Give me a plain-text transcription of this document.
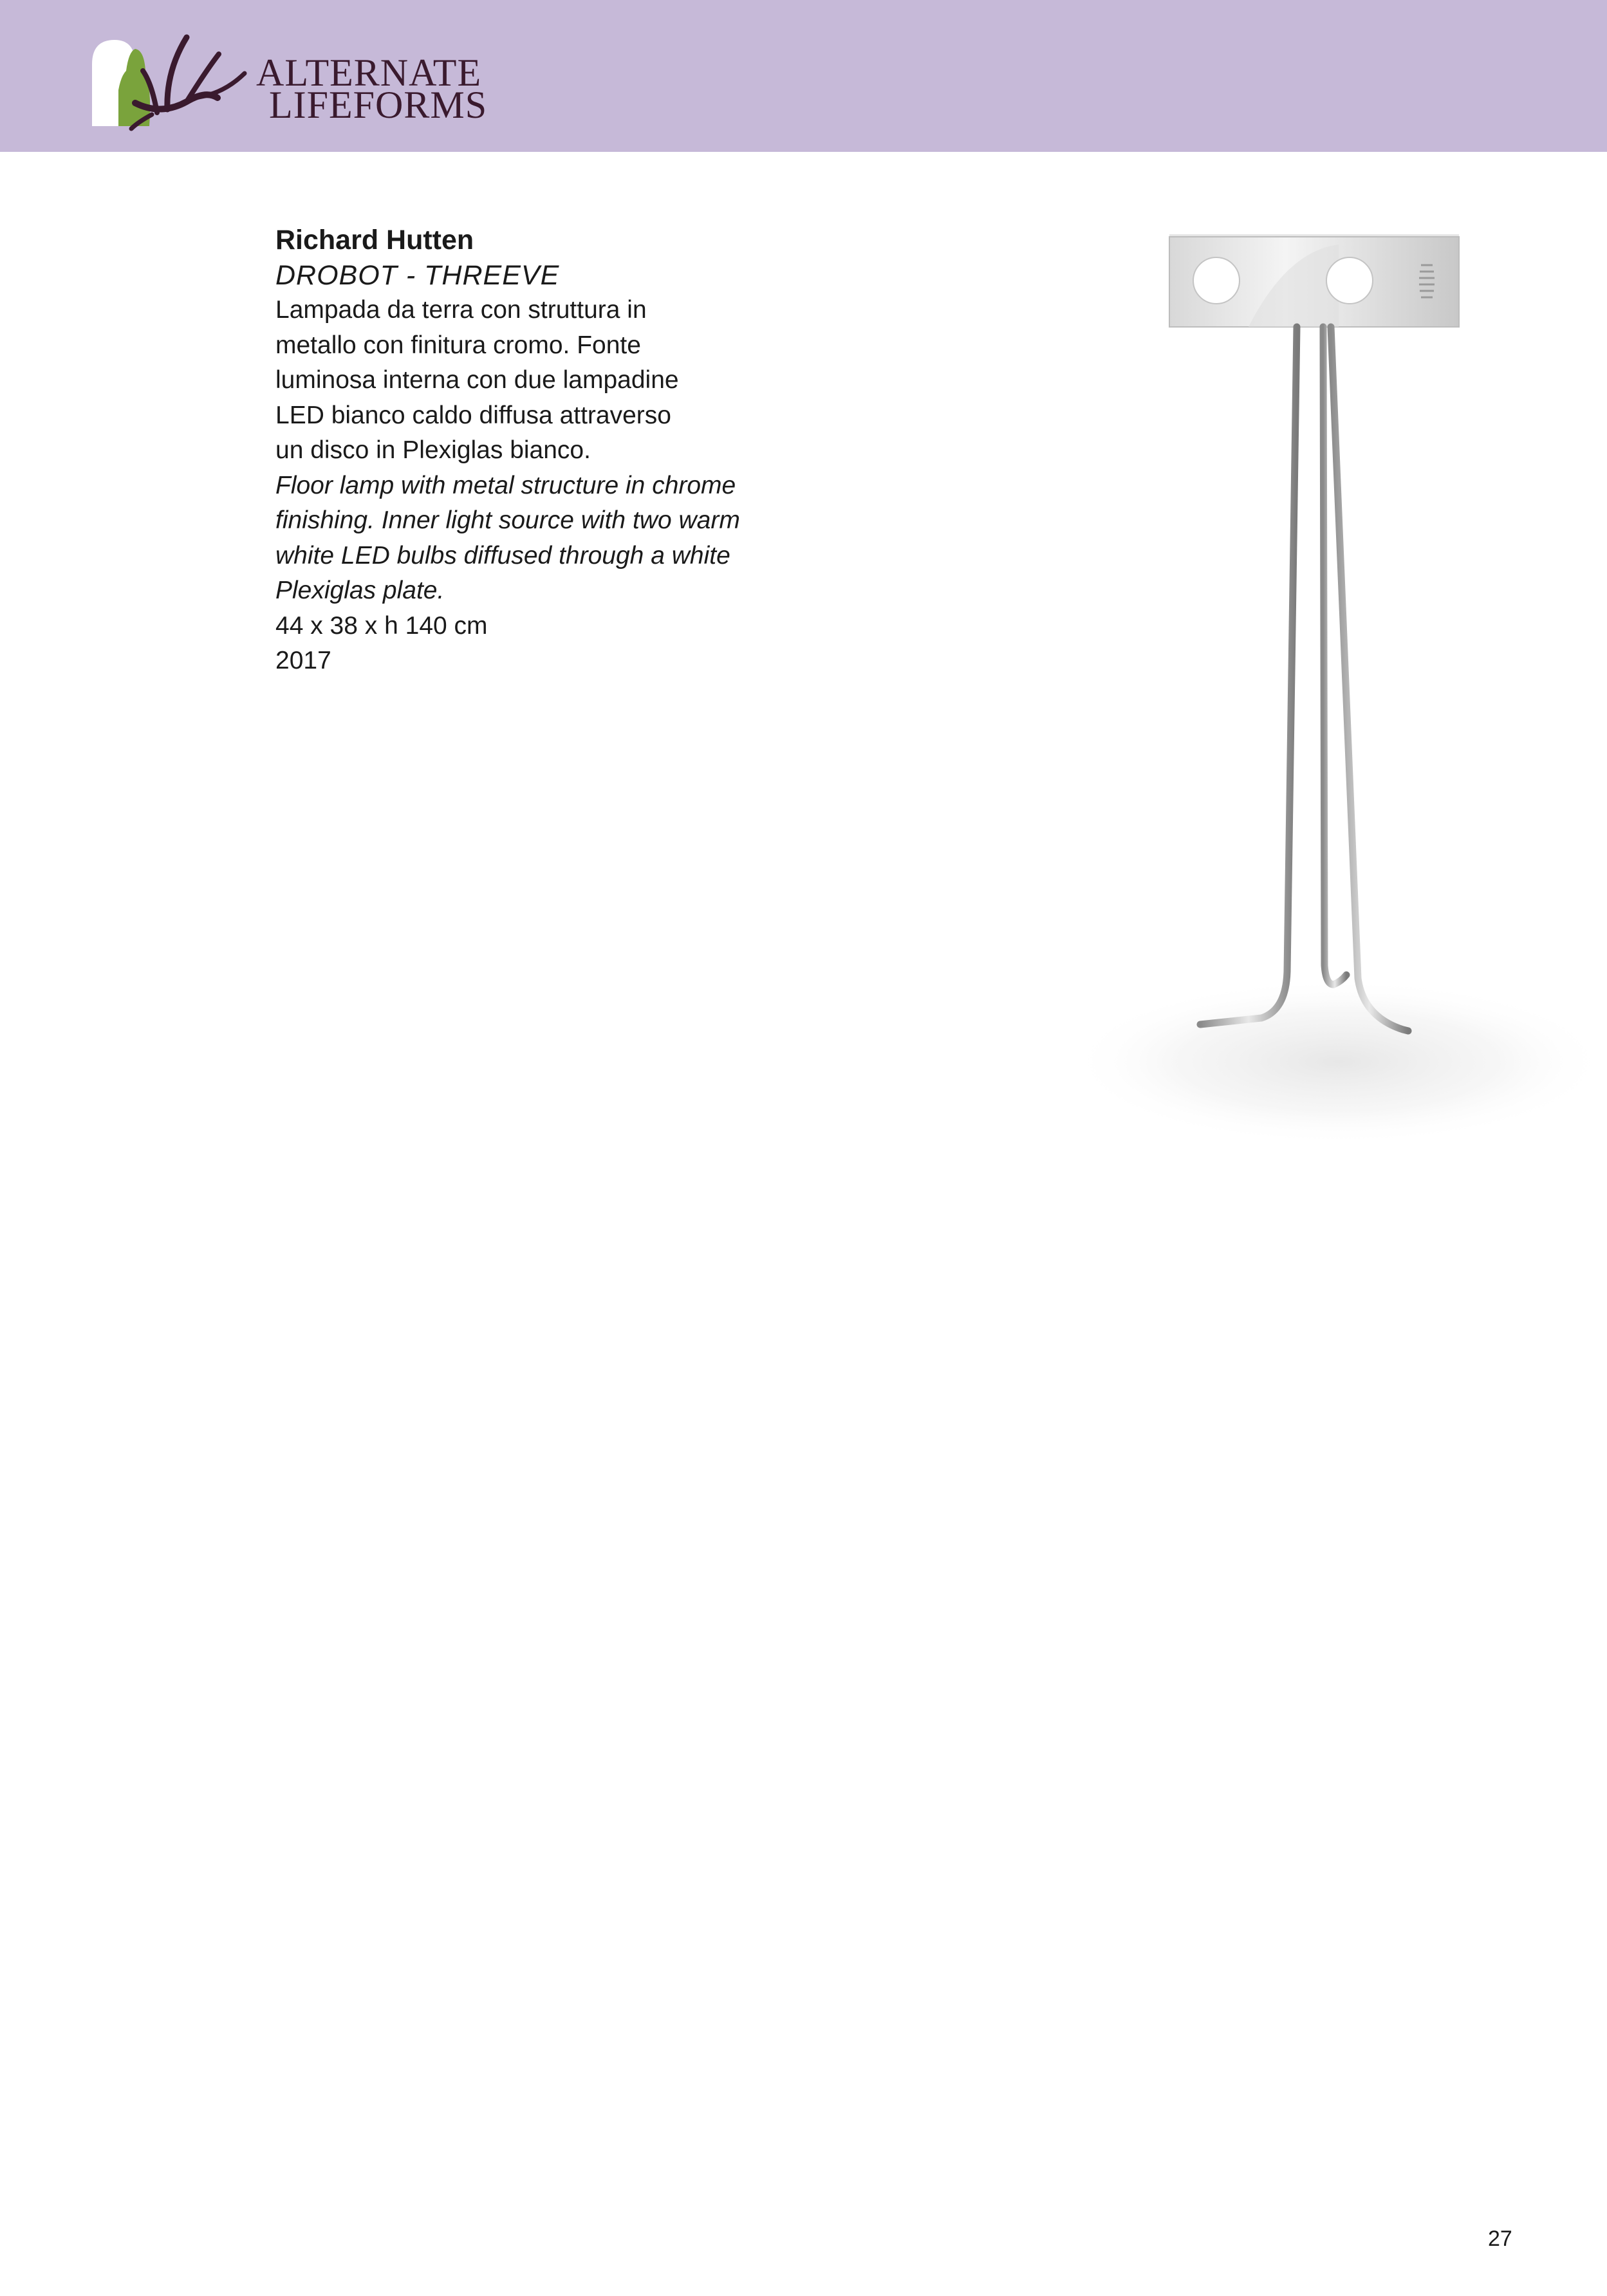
ALTERNATE
LIFEFORMS
Richard Hutten
DROBOT - THREEVE
Lampada da terra con struttura in
metallo con finitura cromo. Fonte
luminosa interna con due lampadine
LED bianco caldo diffusa attraverso
un disco in Plexiglas bianco.
Floor lamp with metal structure in chrome
finishing. Inner light source with two warm
white LED bulbs diffused through a white
Plexiglas plate.
44 x 38 x h 140 cm
2017
27
